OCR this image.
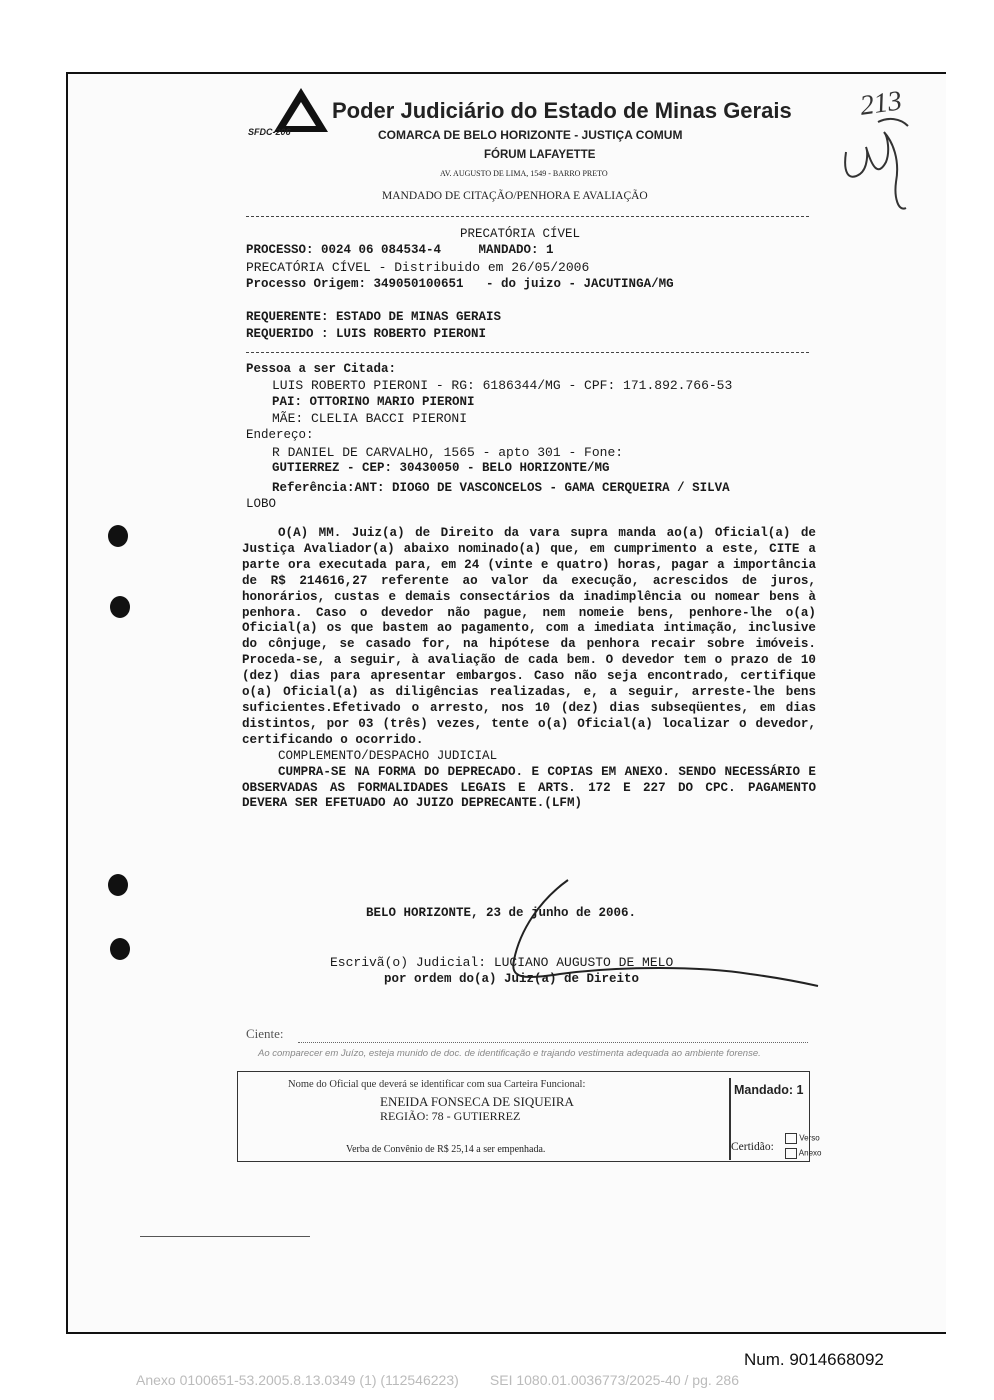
SFDC-206
Poder Judiciário do Estado de Minas Gerais
COMARCA DE BELO HORIZONTE - JUSTIÇA COMUM
FÓRUM LAFAYETTE
AV. AUGUSTO DE LIMA, 1549 - BARRO PRETO
MANDADO DE CITAÇÃO/PENHORA E AVALIAÇÃO
213
PRECATÓRIA CÍVEL
PROCESSO: 0024 06 084534-4     MANDADO: 1
PRECATÓRIA CÍVEL - Distribuido em 26/05/2006
Processo Origem: 349050100651   - do juizo - JACUTINGA/MG
REQUERENTE: ESTADO DE MINAS GERAIS
REQUERIDO : LUIS ROBERTO PIERONI
Pessoa a ser Citada:
LUIS ROBERTO PIERONI - RG: 6186344/MG - CPF: 171.892.766-53
PAI: OTTORINO MARIO PIERONI
MÃE: CLELIA BACCI PIERONI
Endereço:
R DANIEL DE CARVALHO, 1565 - apto 301 - Fone:
GUTIERREZ - CEP: 30430050 - BELO HORIZONTE/MG
Referência:ANT: DIOGO DE VASCONCELOS - GAMA CERQUEIRA / SILVA
LOBO

O(A) MM. Juiz(a) de Direito da vara supra manda ao(a) Oficial(a) de Justiça Avaliador(a) abaixo nominado(a) que, em cumprimento a este, CITE a parte ora executada para, em 24 (vinte e quatro) horas, pagar a importância de R$ 214616,27 referente ao valor da execução, acrescidos de juros, honorários, custas e demais consectários da inadimplência ou nomear bens à penhora. Caso o devedor não pague, nem nomeie bens, penhore-lhe o(a) Oficial(a) os que bastem ao pagamento, com a imediata intimação, inclusive do cônjuge, se casado for, na hipótese da penhora recair sobre imóveis. Proceda-se, a seguir, à avaliação de cada bem. O devedor tem o prazo de 10 (dez) dias para apresentar embargos. Caso não seja encontrado, certifique o(a) Oficial(a) as diligências realizadas, e, a seguir, arreste-lhe bens suficientes.Efetivado o arresto, nos 10 (dez) dias subseqüentes, em dias distintos, por 03 (três) vezes, tente o(a) Oficial(a) localizar o devedor, certificando o ocorrido.

COMPLEMENTO/DESPACHO JUDICIAL

CUMPRA-SE NA FORMA DO DEPRECADO. E COPIAS EM ANEXO. SENDO NECESSÁRIO E OBSERVADAS AS FORMALIDADES LEGAIS E ARTS. 172 E 227 DO CPC. PAGAMENTO DEVERA SER EFETUADO AO JUIZO DEPRECANTE.(LFM)

BELO HORIZONTE, 23 de junho de 2006.
Escrivã(o) Judicial: LUCIANO AUGUSTO DE MELO
por ordem do(a) Juiz(a) de Direito
Ciente:
Ao comparecer em Juízo, esteja munido de doc. de identificação e trajando vestimenta adequada ao ambiente forense.
Nome do Oficial que deverá se identificar com sua Carteira Funcional:
ENEIDA FONSECA DE SIQUEIRA
REGIÃO: 78 - GUTIERREZ
Verba de Convênio de R$ 25,14 a ser empenhada.
Mandado: 1
Certidão:
Verso
Anexo
Num. 9014668092
Anexo 0100651-53.2005.8.13.0349 (1) (112546223)        SEI 1080.01.0036773/2025-40 / pg. 286
